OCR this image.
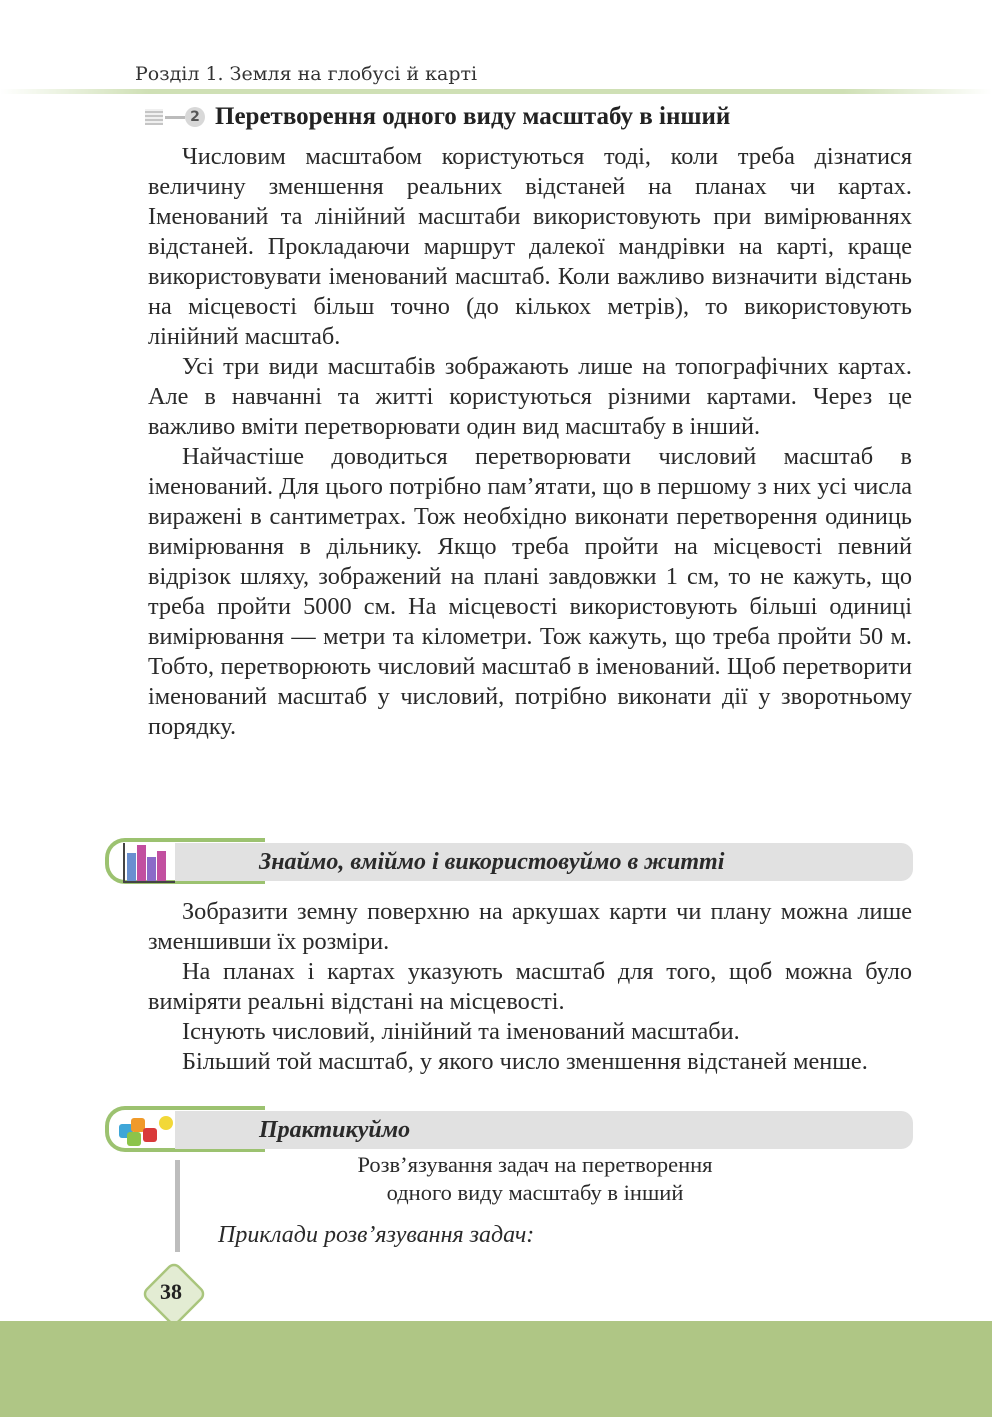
Розділ 1. Земля на глобусі й карті
2 Перетворення одного виду масштабу в інший

Числовим масштабом користуються тоді, коли треба дізнатися величину зменшення реальних відстаней на планах чи картах. Іменований та лінійний масштаби використовують при вимірюваннях відстаней. Прокладаючи маршрут далекої мандрівки на карті, краще використовувати іменований масштаб. Коли важливо визначити відстань на місцевості більш точно (до кількох метрів), то використовують лінійний масштаб.

Усі три види масштабів зображають лише на топографічних картах. Але в навчанні та житті користуються різними картами. Через це важливо вміти перетворювати один вид масштабу в інший.

Найчастіше доводиться перетворювати числовий масштаб в іменований. Для цього потрібно пам’ятати, що в першому з них усі числа виражені в сантиметрах. Тож необхідно виконати перетворення одиниць вимірювання в дільнику. Якщо треба пройти на місцевості певний відрізок шляху, зображений на плані завдовжки 1 см, то не кажуть, що треба пройти 5000 см. На місцевості використовують більші одиниці вимірювання — метри та кілометри. Тож кажуть, що треба пройти 50 м. Тобто, перетворюють числовий масштаб в іменований. Щоб перетворити іменований масштаб у числовий, потрібно виконати дії у зворотньому порядку.

Знаймо, вміймо і використовуймо в житті

Зобразити земну поверхню на аркушах карти чи плану можна лише зменшивши їх розміри.

На планах і картах указують масштаб для того, щоб можна було виміряти реальні відстані на місцевості.

Існують числовий, лінійний та іменований масштаби.

Більший той масштаб, у якого число зменшення відстаней менше.

Практикуймо
Розв’язування задач на перетворення
одного виду масштабу в інший
Приклади розв’язування задач:
38
